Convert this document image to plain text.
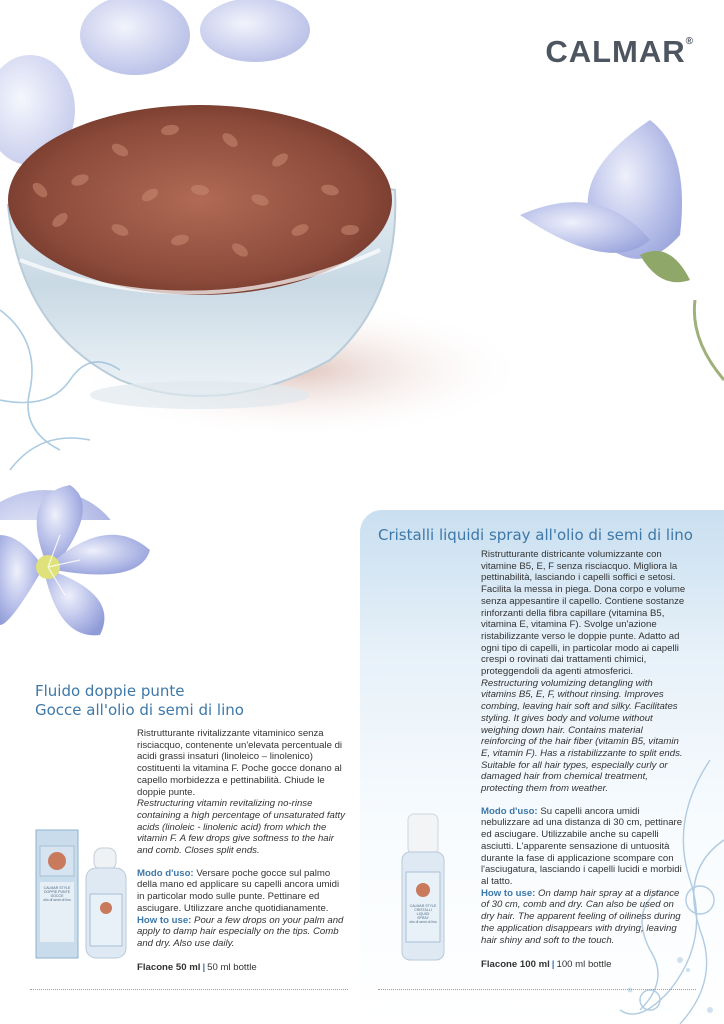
CALMAR®
Cristalli liquidi spray all'olio di semi di lino

Ristrutturante districante volumizzante con vitamine B5, E, F senza risciacquo. Migliora la pettinabilità, lasciando i capelli soffici e setosi. Facilita la messa in piega. Dona corpo e volume senza appesantire il capello. Contiene sostanze rinforzanti della fibra capillare (vitamina B5, vitamina E, vitamina F). Svolge un'azione ristabilizzante verso le doppie punte. Adatto ad ogni tipo di capelli, in particolar modo ai capelli crespi o rovinati dai trattamenti chimici, proteggendoli da agenti atmosferici.

Restructuring volumizing detangling with vitamins B5, E, F, without rinsing. Improves combing, leaving hair soft and silky. Facilitates styling. It gives body and volume without weighing down hair. Contains material reinforcing of the hair fiber (vitamin B5, vitamin E, vitamin F). Has a ristabilizzante to split ends. Suitable for all hair types, especially curly or damaged hair from chemical treatment, protecting them from weather.

Modo d'uso: Su capelli ancora umidi nebulizzare ad una distanza di 30 cm, pettinare ed asciugare. Utilizzabile anche su capelli asciutti. L'apparente sensazione di untuosità durante la fase di applicazione scompare con l'asciugatura, lasciando i capelli lucidi e morbidi al tatto.

How to use: On damp hair spray at a distance of 30 cm, comb and dry. Can also be used on dry hair. The apparent feeling of oiliness during the application disappears with drying, leaving hair shiny and soft to the touch.

Flacone 100 ml | 100 ml bottle
CALMAR STYLE
CRISTALLI LIQUIDI
SPRAY
olio di semi di lino
Fluido doppie punte
Gocce all'olio di semi di lino

Ristrutturante rivitalizzante vitaminico senza risciacquo, contenente un'elevata percentuale di acidi grassi insaturi (linoleico – linolenico) costituenti la vitamina F. Poche gocce donano al capello morbidezza e pettinabilità. Chiude le doppie punte.

Restructuring vitamin revitalizing no-rinse containing a high percentage of unsaturated fatty acids (linoleic - linolenic acid) from which the vitamin F. A few drops give softness to the hair and comb. Closes split ends.

Modo d'uso: Versare poche gocce sul palmo della mano ed applicare su capelli ancora umidi in particolar modo sulle punte. Pettinare ed asciugare. Utilizzare anche quotidianamente.

How to use: Pour a few drops on your palm and apply to damp hair especially on the tips. Comb and dry. Also use daily.

Flacone 50 ml | 50 ml bottle
CALMAR STYLE
DOPPIE PUNTE
GOCCE
olio di semi di lino
